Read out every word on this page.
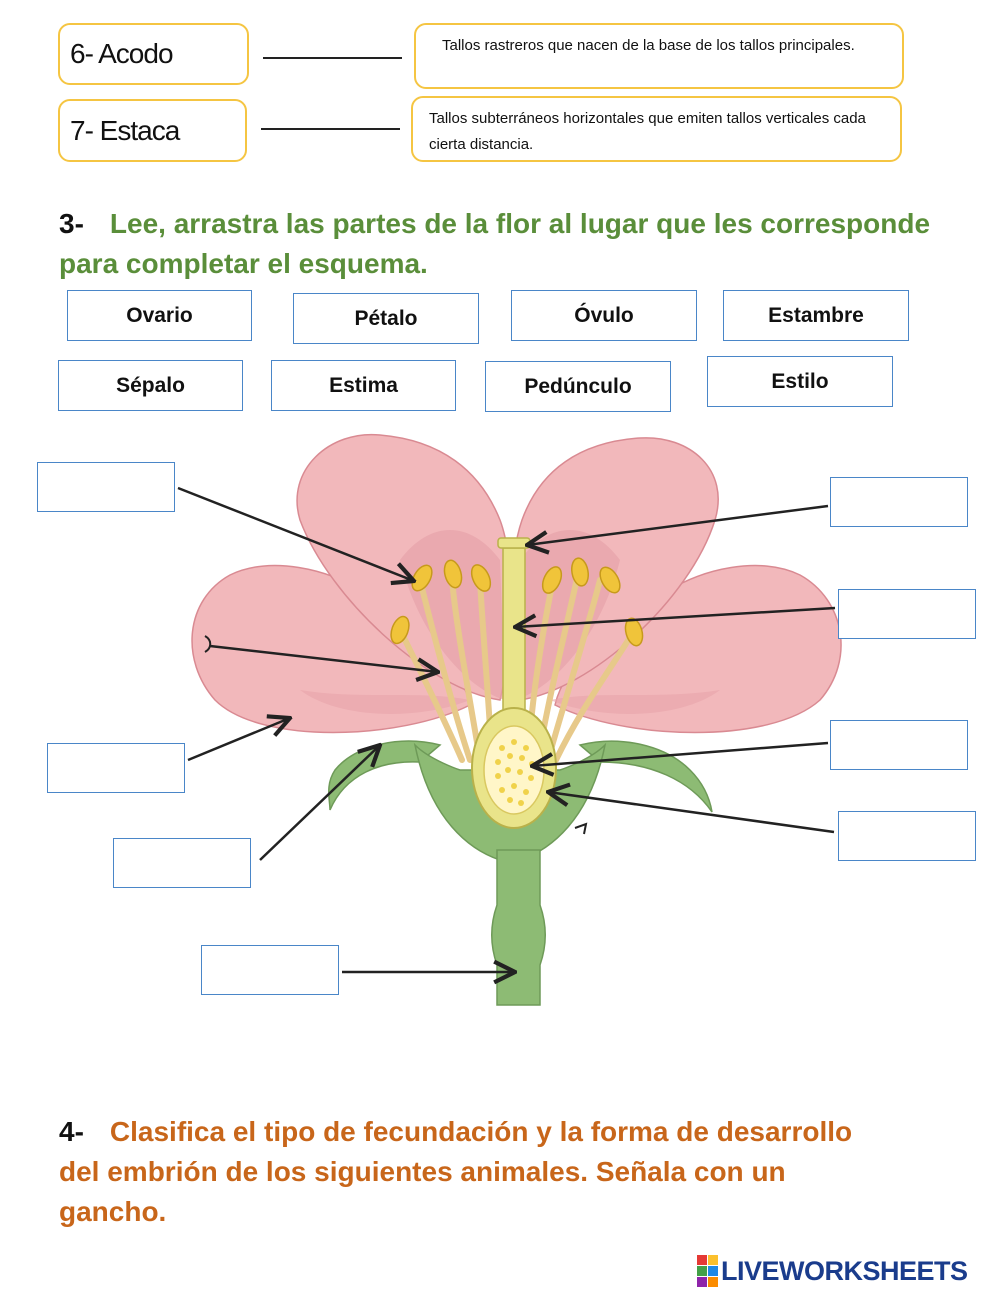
6- Acodo	Tallos rastreros que nacen de la base de los tallos principales.
7- Estaca	Tallos subterráneos horizontales que emiten tallos verticales cada cierta distancia.
3- Lee, arrastra las partes de la flor al lugar que les corresponde para completar el esquema.
Ovario	Pétalo	Óvulo	Estambre
Sépalo	Estima	Pedúnculo	Estilo
4- Clasifica el tipo de fecundación y la forma de desarrollo del embrión de los siguientes animales. Señala con un gancho.
LIVEWORKSHEETS
